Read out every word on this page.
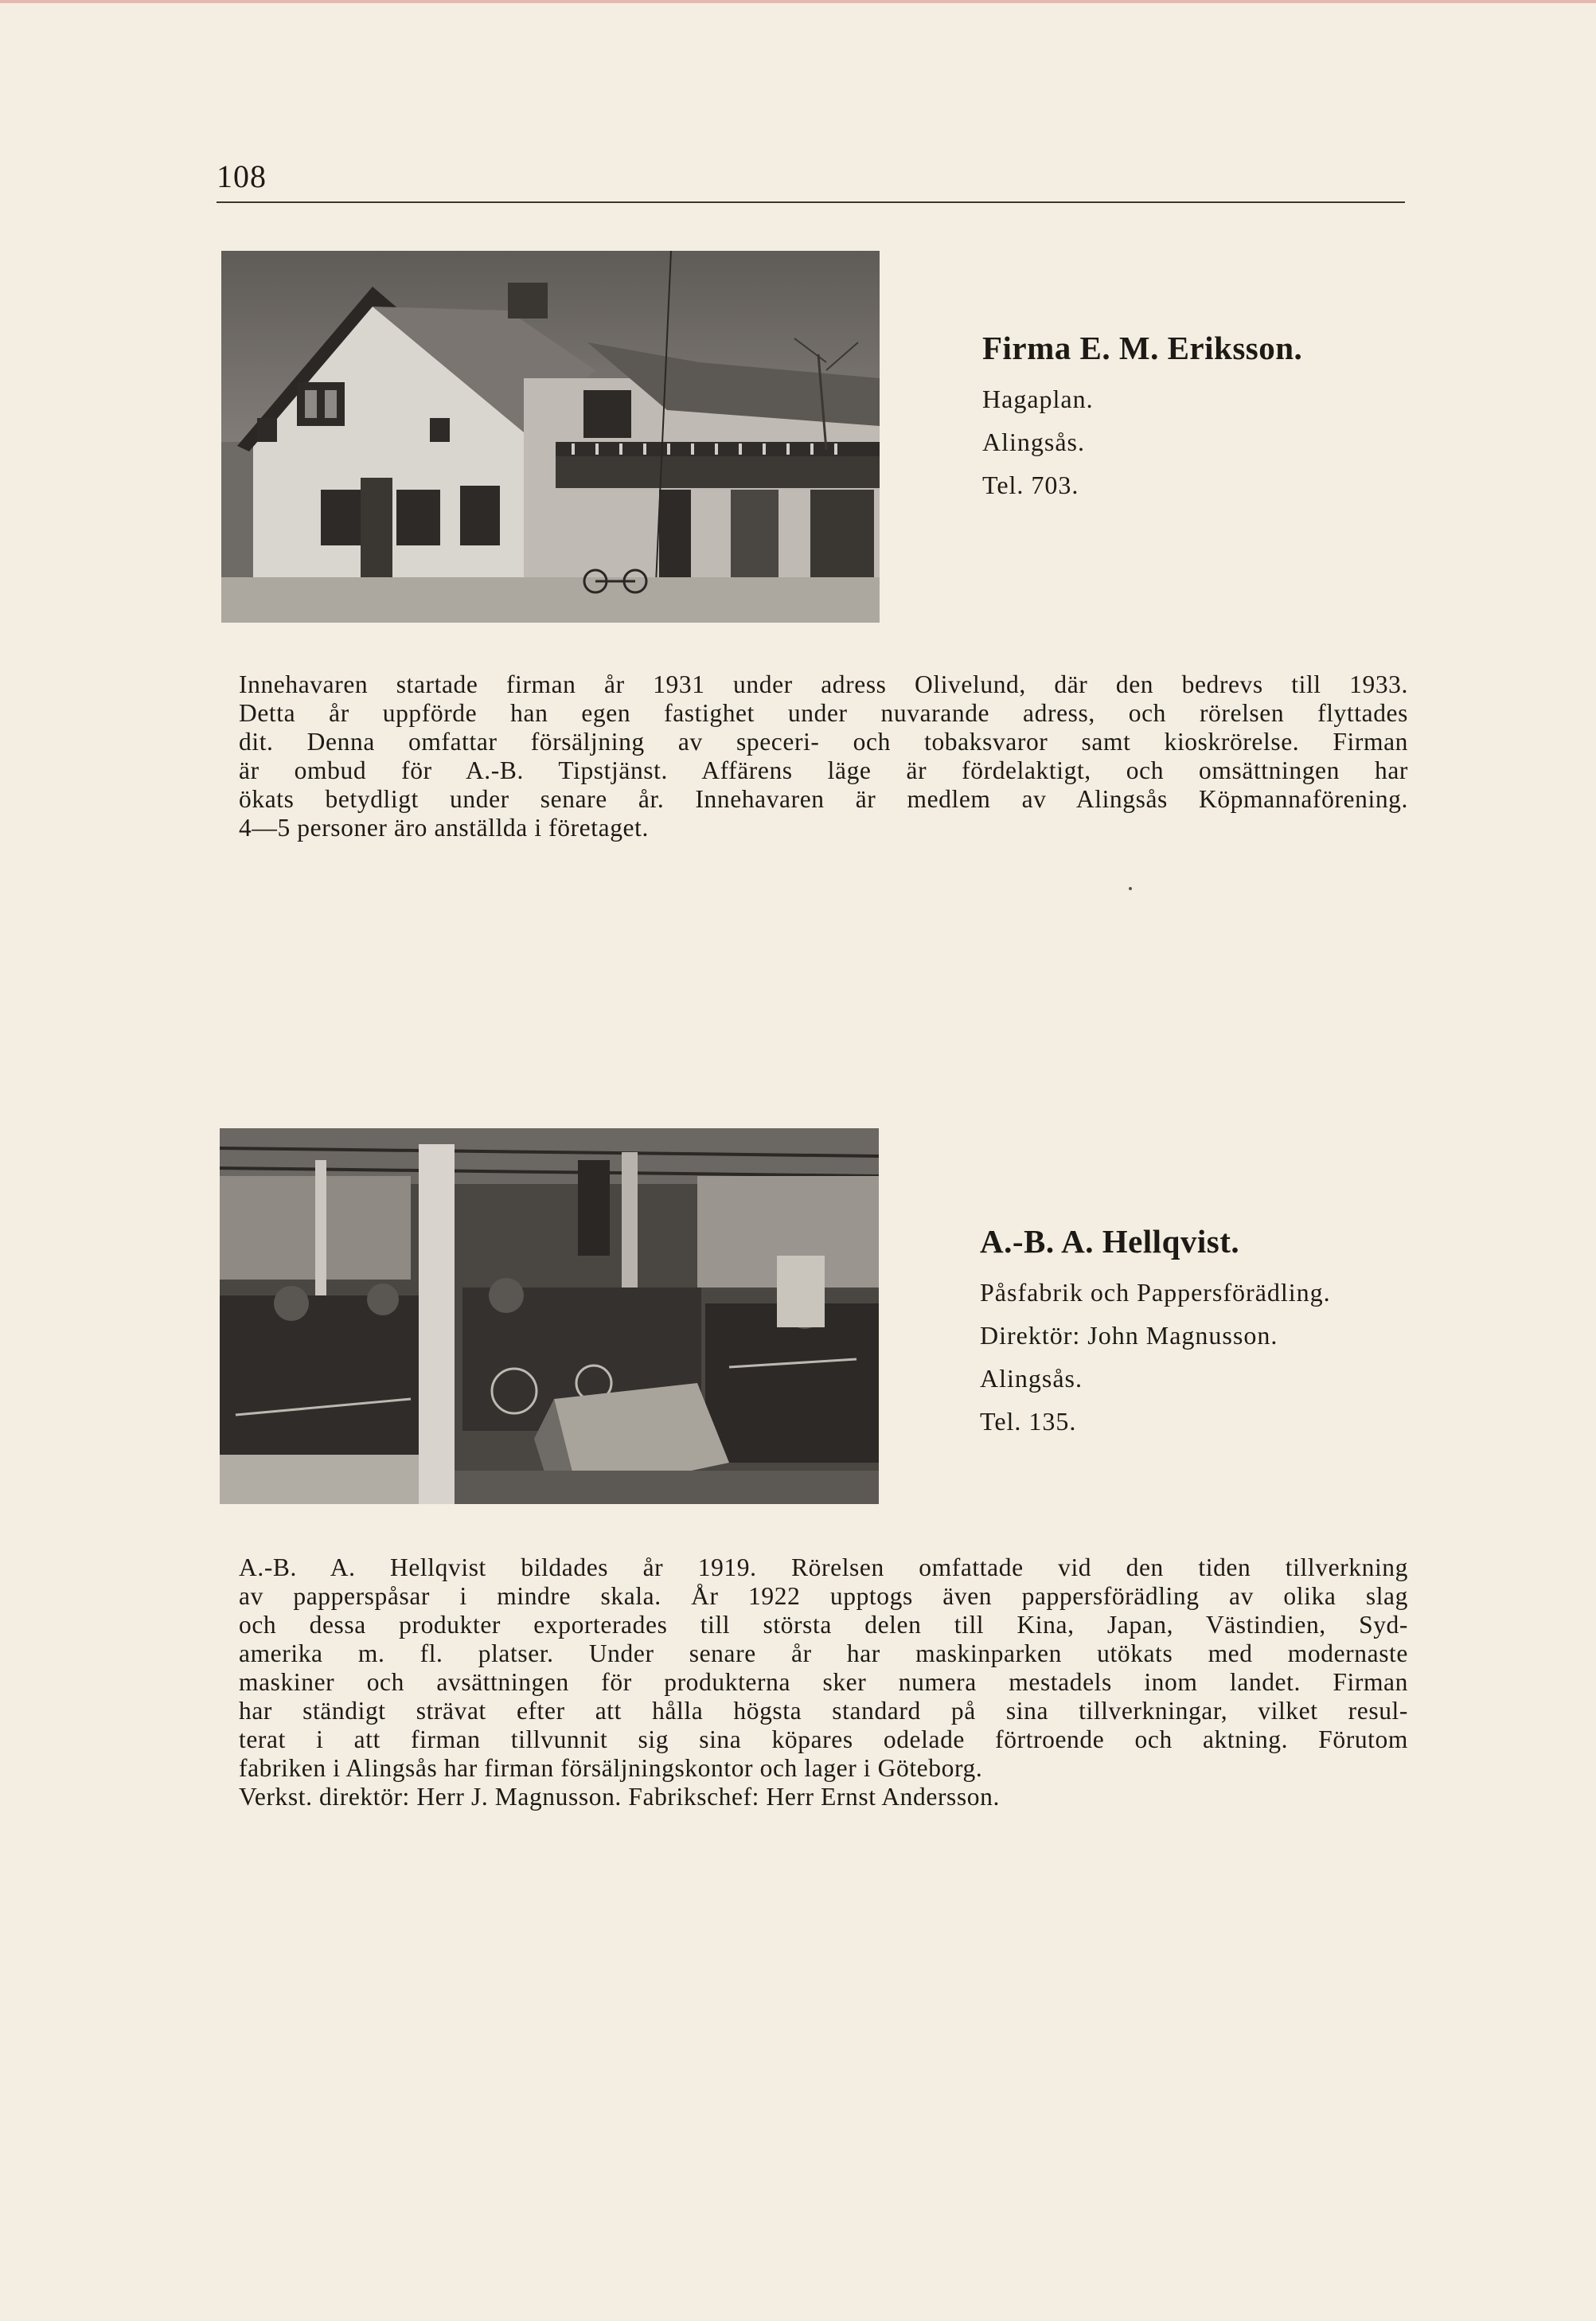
108
Firma E. M. Eriksson.
Hagaplan.
Alingsås.
Tel. 703.

Innehavaren startade firman år 1931 under adress Olivelund, där den bedrevs till 1933.
Detta år uppförde han egen fastighet under nuvarande adress, och rörelsen flyttades
dit. Denna omfattar försäljning av speceri- och tobaksvaror samt kioskrörelse. Firman
är ombud för A.-B. Tipstjänst. Affärens läge är fördelaktigt, och omsättningen har
ökats betydligt under senare år. Innehavaren är medlem av Alingsås Köpmannaförening.
4—5 personer äro anställda i företaget.

A.-B. A. Hellqvist.
Påsfabrik och Pappersförädling.
Direktör: John Magnusson.
Alingsås.
Tel. 135.

A.-B. A. Hellqvist bildades år 1919. Rörelsen omfattade vid den tiden tillverkning
av papperspåsar i mindre skala. År 1922 upptogs även pappersförädling av olika slag
och dessa produkter exporterades till största delen till Kina, Japan, Västindien, Syd-
amerika m. fl. platser. Under senare år har maskinparken utökats med modernaste
maskiner och avsättningen för produkterna sker numera mestadels inom landet. Firman
har ständigt strävat efter att hålla högsta standard på sina tillverkningar, vilket resul-
terat i att firman tillvunnit sig sina köpares odelade förtroende och aktning. Förutom
fabriken i Alingsås har firman försäljningskontor och lager i Göteborg.
Verkst. direktör: Herr J. Magnusson. Fabrikschef: Herr Ernst Andersson.
